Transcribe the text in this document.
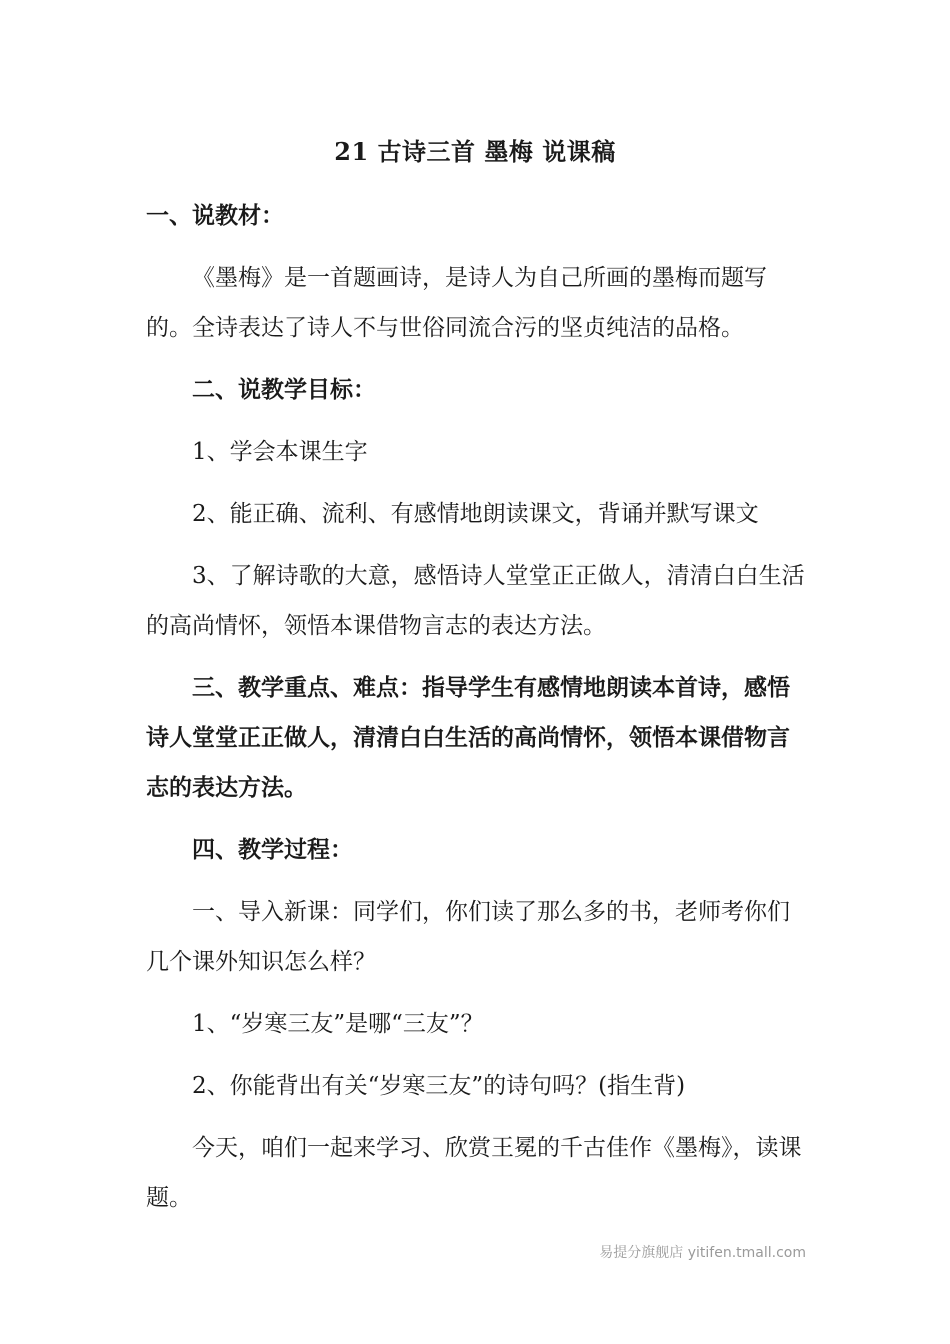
21 古诗三首 墨梅 说课稿

一、说教材：

《墨梅》是一首题画诗，是诗人为自己所画的墨梅而题写的。全诗表达了诗人不与世俗同流合污的坚贞纯洁的品格。

二、说教学目标：

1、学会本课生字

2、能正确、流利、有感情地朗读课文，背诵并默写课文

3、了解诗歌的大意，感悟诗人堂堂正正做人，清清白白生活的高尚情怀，领悟本课借物言志的表达方法。

三、教学重点、难点：指导学生有感情地朗读本首诗，感悟诗人堂堂正正做人，清清白白生活的高尚情怀，领悟本课借物言志的表达方法。

四、教学过程：

一、导入新课：同学们，你们读了那么多的书，老师考你们几个课外知识怎么样？

1、“岁寒三友”是哪“三友”？

2、你能背出有关“岁寒三友”的诗句吗？(指生背)

今天，咱们一起来学习、欣赏王冕的千古佳作《墨梅》，读课题。

易提分旗舰店 yitifen.tmall.com
